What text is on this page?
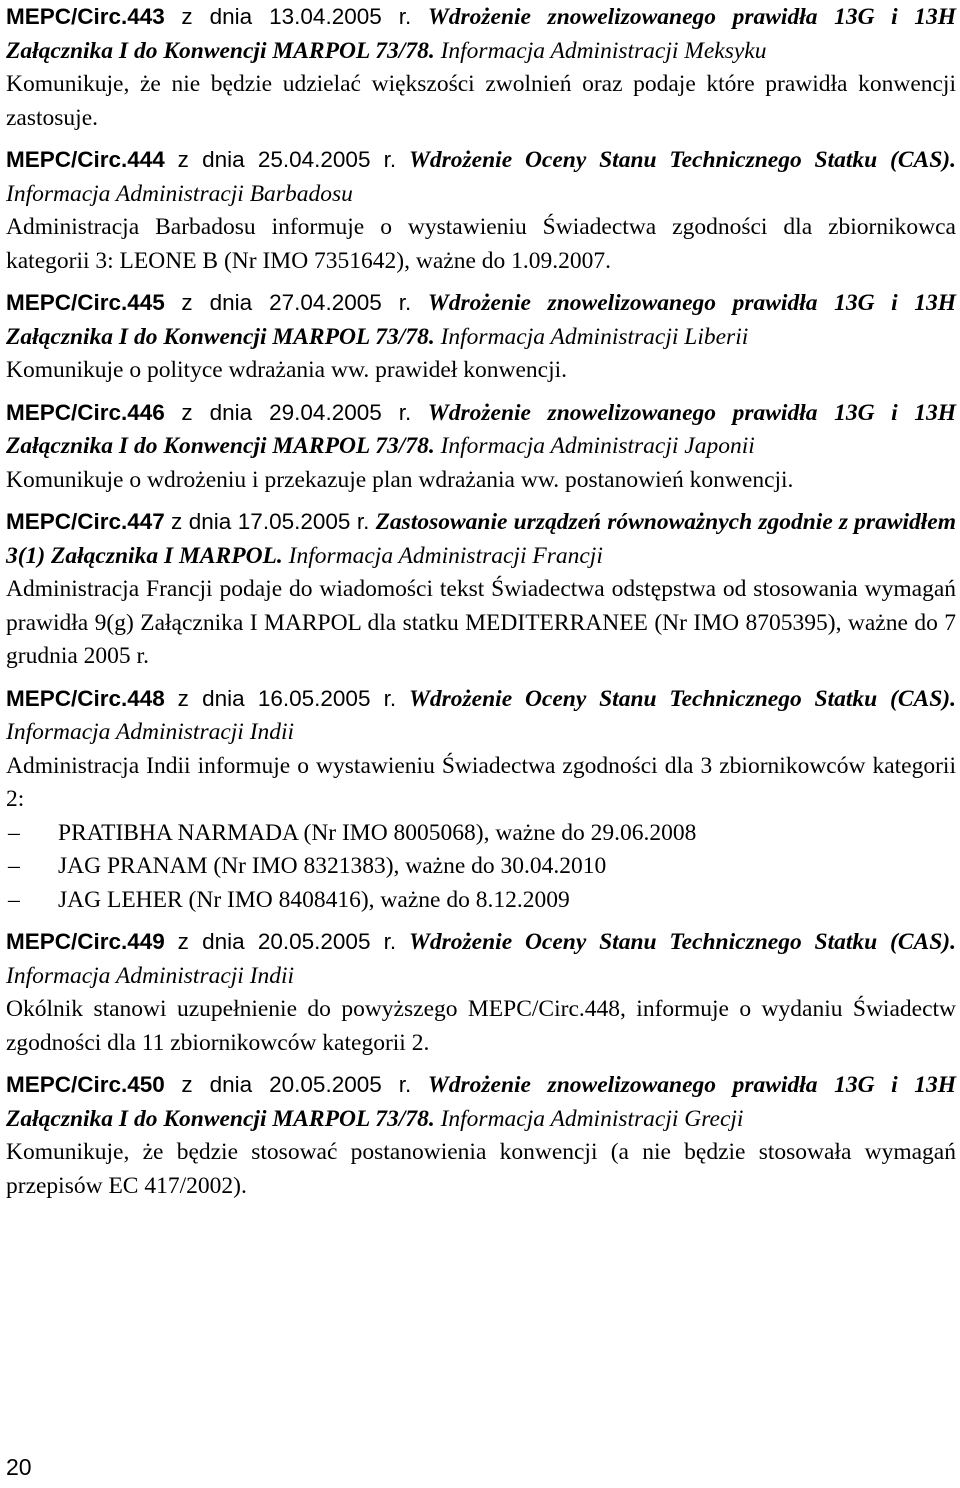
MEPC/Circ.443 z dnia 13.04.2005 r. Wdrożenie znowelizowanego prawidła 13G i 13H Załącznika I do Konwencji MARPOL 73/78. Informacja Administracji Meksyku
Komunikuje, że nie będzie udzielać większości zwolnień oraz podaje które prawidła konwencji zastosuje.
MEPC/Circ.444 z dnia 25.04.2005 r. Wdrożenie Oceny Stanu Technicznego Statku (CAS). Informacja Administracji Barbadosu
Administracja Barbadosu informuje o wystawieniu Świadectwa zgodności dla zbiornikowca kategorii 3: LEONE B (Nr IMO 7351642), ważne do 1.09.2007.
MEPC/Circ.445 z dnia 27.04.2005 r. Wdrożenie znowelizowanego prawidła 13G i 13H Załącznika I do Konwencji MARPOL 73/78. Informacja Administracji Liberii
Komunikuje o polityce wdrażania ww. prawideł konwencji.
MEPC/Circ.446 z dnia 29.04.2005 r. Wdrożenie znowelizowanego prawidła 13G i 13H Załącznika I do Konwencji MARPOL 73/78. Informacja Administracji Japonii
Komunikuje o wdrożeniu i przekazuje plan wdrażania ww. postanowień konwencji.
MEPC/Circ.447 z dnia 17.05.2005 r. Zastosowanie urządzeń równoważnych zgodnie z prawidłem 3(1) Załącznika I MARPOL. Informacja Administracji Francji
Administracja Francji podaje do wiadomości tekst Świadectwa odstępstwa od stosowania wymagań prawidła 9(g) Załącznika I MARPOL dla statku MEDITERRANEE (Nr IMO 8705395), ważne do 7 grudnia 2005 r.
MEPC/Circ.448 z dnia 16.05.2005 r. Wdrożenie Oceny Stanu Technicznego Statku (CAS). Informacja Administracji Indii
Administracja Indii informuje o wystawieniu Świadectwa zgodności dla 3 zbiornikowców kategorii 2:
– PRATIBHA NARMADA (Nr IMO 8005068), ważne do 29.06.2008
– JAG PRANAM (Nr IMO 8321383), ważne do 30.04.2010
– JAG LEHER (Nr IMO 8408416), ważne do 8.12.2009
MEPC/Circ.449 z dnia 20.05.2005 r. Wdrożenie Oceny Stanu Technicznego Statku (CAS). Informacja Administracji Indii
Okólnik stanowi uzupełnienie do powyższego MEPC/Circ.448, informuje o wydaniu Świadectw zgodności dla 11 zbiornikowców kategorii 2.
MEPC/Circ.450 z dnia 20.05.2005 r. Wdrożenie znowelizowanego prawidła 13G i 13H Załącznika I do Konwencji MARPOL 73/78. Informacja Administracji Grecji
Komunikuje, że będzie stosować postanowienia konwencji (a nie będzie stosowała wymagań przepisów EC 417/2002).
20
